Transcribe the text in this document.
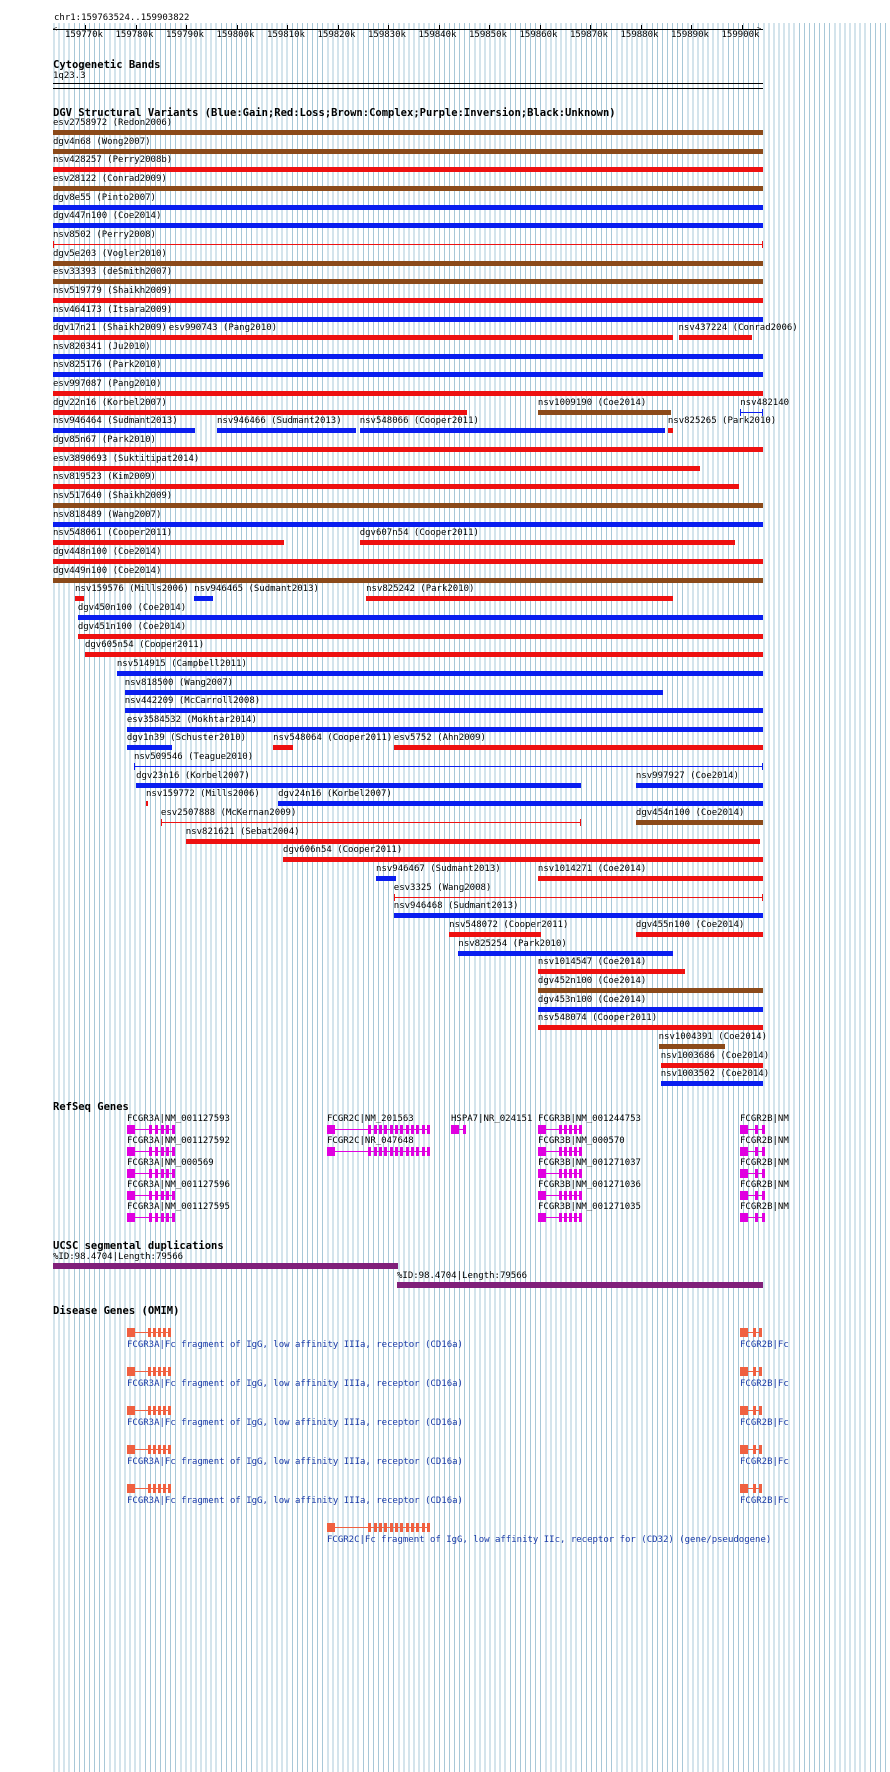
chr1:159763524..159903822
<	>
159770k 159780k 159790k 159800k 159810k 159820k 159830k 159840k 159850k 159860k 159870k 159880k 159890k 159900k
Cytogenetic Bands
1q23.3
DGV Structural Variants (Blue:Gain;Red:Loss;Brown:Complex;Purple:Inversion;Black:Unknown)
esv2758972 (Redon2006)
dgv4n68 (Wong2007)
nsv428257 (Perry2008b)
esv28122 (Conrad2009)
dgv8e55 (Pinto2007)
dgv447n100 (Coe2014)
nsv8502 (Perry2008)
dgv5e203 (Vogler2010)
esv33393 (deSmith2007)
nsv519779 (Shaikh2009)
nsv464173 (Itsara2009)
dgv17n21 (Shaikh2009) esv990743 (Pang2010)	nsv437224 (Conrad2006)
nsv820341 (Ju2010)
nsv825176 (Park2010)
esv997087 (Pang2010)
dgv22n16 (Korbel2007)	nsv1009190 (Coe2014)	nsv482140
nsv946464 (Sudmant2013)	nsv946466 (Sudmant2013) nsv548066 (Cooper2011)	nsv825265 (Park2010)
dgv85n67 (Park2010)
esv3890693 (Suktitipat2014)
nsv819523 (Kim2009)
nsv517640 (Shaikh2009)
nsv818489 (Wang2007)
nsv548061 (Cooper2011)	dgv607n54 (Cooper2011)
dgv448n100 (Coe2014)
dgv449n100 (Coe2014)
nsv159576 (Mills2006) nsv946465 (Sudmant2013)	nsv825242 (Park2010)
dgv450n100 (Coe2014)
dgv451n100 (Coe2014)
dgv605n54 (Cooper2011)
nsv514915 (Campbell2011)
nsv818500 (Wang2007)
nsv442209 (McCarroll2008)
esv3584532 (Mokhtar2014)
dgv1n39 (Schuster2010)	nsv548064 (Cooper2011) esv5752 (Ahn2009)
nsv509546 (Teague2010)
dgv23n16 (Korbel2007)	nsv997927 (Coe2014)
nsv159772 (Mills2006) dgv24n16 (Korbel2007)
esv2507888 (McKernan2009)	dgv454n100 (Coe2014)
nsv821621 (Sebat2004)
dgv606n54 (Cooper2011)
nsv946467 (Sudmant2013)	nsv1014271 (Coe2014)
esv3325 (Wang2008)
nsv946468 (Sudmant2013)
nsv548072 (Cooper2011)	dgv455n100 (Coe2014)
nsv825254 (Park2010)
nsv1014547 (Coe2014)
dgv452n100 (Coe2014)
dgv453n100 (Coe2014)
nsv548074 (Cooper2011)
nsv1004391 (Coe2014)
nsv1003686 (Coe2014)
nsv1003502 (Coe2014)
RefSeq Genes
FCGR3A|NM_001127593
FCGR3A|NM_001127592
FCGR3A|NM_000569
FCGR3A|NM_001127596
FCGR3A|NM_001127595
FCGR2C|NM_201563
FCGR2C|NR_047648
HSPA7|NR_024151 FCGR3B|NM_001244753
FCGR3B|NM_000570
FCGR3B|NM_001271037
FCGR3B|NM_001271036
FCGR3B|NM_001271035
FCGR2B|NM
FCGR2B|NM
FCGR2B|NM
FCGR2B|NM
FCGR2B|NM
UCSC segmental duplications
%ID:98.4704|Length:79566
%ID:98.4704|Length:79566
Disease Genes (OMIM)
FCGR3A|Fc fragment of IgG, low affinity IIIa, receptor (CD16a)
FCGR3A|Fc fragment of IgG, low affinity IIIa, receptor (CD16a)
FCGR3A|Fc fragment of IgG, low affinity IIIa, receptor (CD16a)
FCGR3A|Fc fragment of IgG, low affinity IIIa, receptor (CD16a)
FCGR3A|Fc fragment of IgG, low affinity IIIa, receptor (CD16a)
FCGR2B|Fc
FCGR2B|Fc
FCGR2B|Fc
FCGR2B|Fc
FCGR2B|Fc
FCGR2C|Fc fragment of IgG, low affinity IIc, receptor for (CD32) (gene/pseudogene)
